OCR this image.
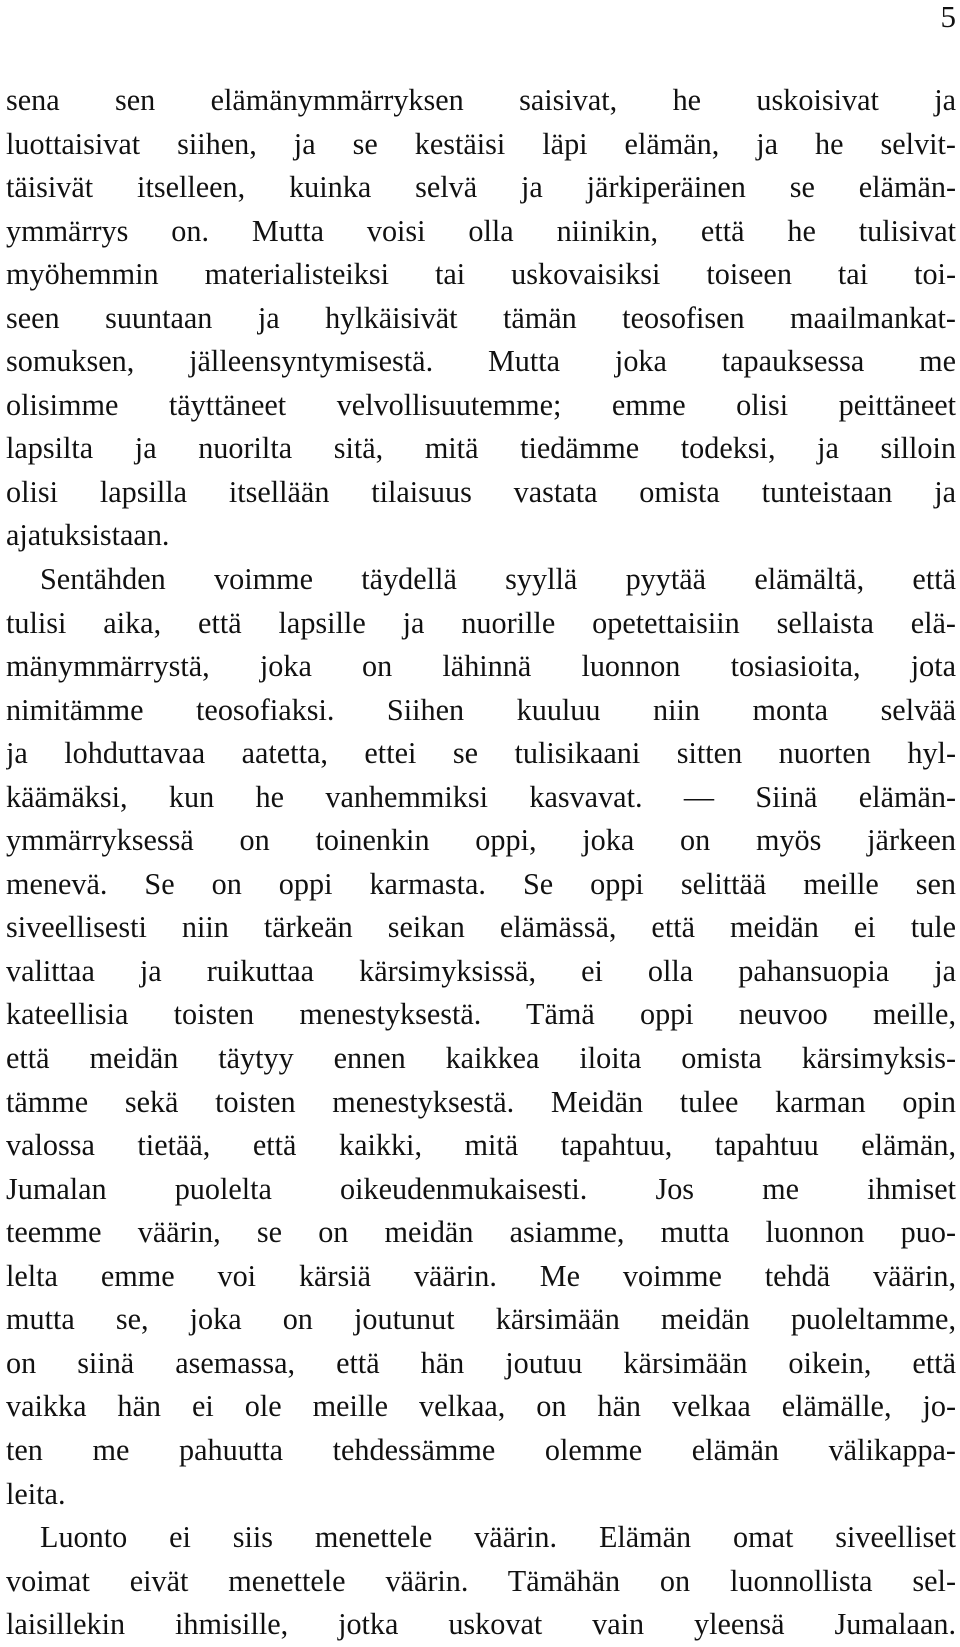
5
sena sen elämänymmärryksen saisivat, he uskoisivat ja
luottaisivat siihen, ja se kestäisi läpi elämän, ja he selvit-
täisivät itselleen, kuinka selvä ja järkiperäinen se elämän-
ymmärrys on. Mutta voisi olla niinikin, että he tulisivat
myöhemmin materialisteiksi tai uskovaisiksi toiseen tai toi-
seen suuntaan ja hylkäisivät tämän teosofisen maailmankat-
somuksen, jälleensyntymisestä. Mutta joka tapauksessa me
olisimme täyttäneet velvollisuutemme; emme olisi peittäneet
lapsilta ja nuorilta sitä, mitä tiedämme todeksi, ja silloin
olisi lapsilla itsellään tilaisuus vastata omista tunteistaan ja
ajatuksistaan.
Sentähden voimme täydellä syyllä pyytää elämältä, että
tulisi aika, että lapsille ja nuorille opetettaisiin sellaista elä-
mänymmärrystä, joka on lähinnä luonnon tosiasioita, jota
nimitämme teosofiaksi. Siihen kuuluu niin monta selvää
ja lohduttavaa aatetta, ettei se tulisikaani sitten nuorten hyl-
käämäksi, kun he vanhemmiksi kasvavat. — Siinä elämän-
ymmärryksessä on toinenkin oppi, joka on myös järkeen
menevä. Se on oppi karmasta. Se oppi selittää meille sen
siveellisesti niin tärkeän seikan elämässä, että meidän ei tule
valittaa ja ruikuttaa kärsimyksissä, ei olla pahansuopia ja
kateellisia toisten menestyksestä. Tämä oppi neuvoo meille,
että meidän täytyy ennen kaikkea iloita omista kärsimyksis-
tämme sekä toisten menestyksestä. Meidän tulee karman opin
valossa tietää, että kaikki, mitä tapahtuu, tapahtuu elämän,
Jumalan puolelta oikeudenmukaisesti. Jos me ihmiset
teemme väärin, se on meidän asiamme, mutta luonnon puo-
lelta emme voi kärsiä väärin. Me voimme tehdä väärin,
mutta se, joka on joutunut kärsimään meidän puoleltamme,
on siinä asemassa, että hän joutuu kärsimään oikein, että
vaikka hän ei ole meille velkaa, on hän velkaa elämälle, jo-
ten me pahuutta tehdessämme olemme elämän välikappa-
leita.
Luonto ei siis menettele väärin. Elämän omat siveelliset
voimat eivät menettele väärin. Tämähän on luonnollista sel-
laisillekin ihmisille, jotka uskovat vain yleensä Jumalaan.
